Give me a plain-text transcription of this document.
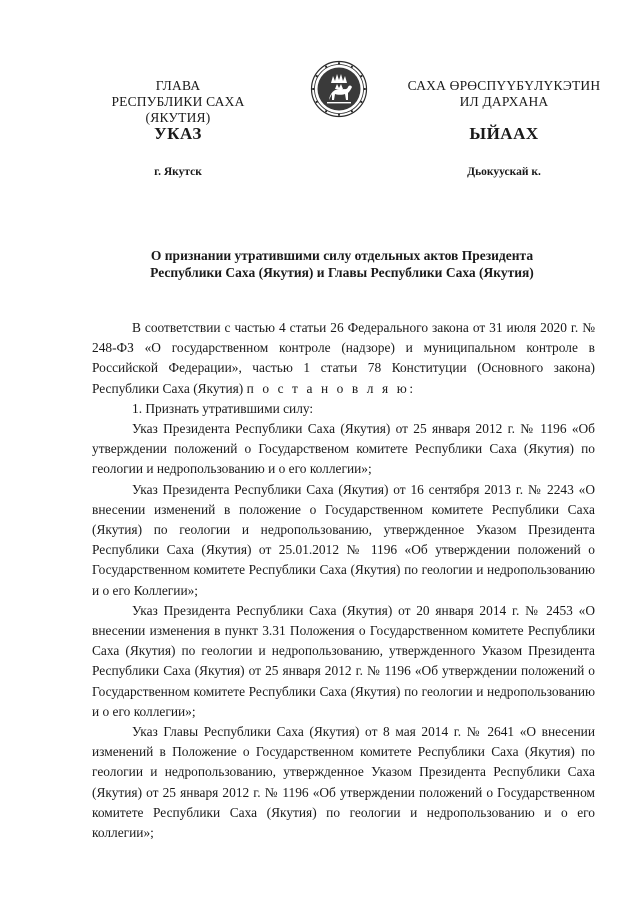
ГЛАВА
РЕСПУБЛИКИ САХА (ЯКУТИЯ)
САХА ӨРӨСПҮҮБҮЛҮКЭТИН
ИЛ ДАРХАНА
УКАЗ	ЫЙААХ
г. Якутск	Дьокуускай к.
О признании утратившими силу отдельных актов Президента
Республики Саха (Якутия) и Главы Республики Саха (Якутия)

В соответствии с частью 4 статьи 26 Федерального закона от 31 июля 2020 г. № 248-ФЗ «О государственном контроле (надзоре) и муниципальном контроле в Российской Федерации», частью 1 статьи 78 Конституции (Основного закона) Республики Саха (Якутия) п о с т а н о в л я ю:

1. Признать утратившими силу:

Указ Президента Республики Саха (Якутия) от 25 января 2012 г. № 1196 «Об утверждении положений о Государственом комитете Республики Саха (Якутия) по геологии и недропользованию и о его коллегии»;

Указ Президента Республики Саха (Якутия) от 16 сентября 2013 г. № 2243 «О внесении изменений в положение о Государственном комитете Республики Саха (Якутия) по геологии и недропользованию, утвержденное Указом Президента Республики Саха (Якутия) от 25.01.2012 № 1196 «Об утверждении положений о Государственном комитете Республики Саха (Якутия) по геологии и недропользованию и о его Коллегии»;

Указ Президента Республики Саха (Якутия) от 20 января 2014 г. № 2453 «О внесении изменения в пункт 3.31 Положения о Государственном комитете Республики Саха (Якутия) по геологии и недропользованию, утвержденного Указом Президента Республики Саха (Якутия) от 25 января 2012 г. № 1196 «Об утверждении положений о Государственном комитете Республики Саха (Якутия) по геологии и недропользованию и о его коллегии»;

Указ Главы Республики Саха (Якутия) от 8 мая 2014 г. № 2641 «О внесении изменений в Положение о Государственном комитете Республики Саха (Якутия) по геологии и недропользованию, утвержденное Указом Президента Республики Саха (Якутия) от 25 января 2012 г. № 1196 «Об утверждении положений о Государственном комитете Республики Саха (Якутия) по геологии и недропользованию и о его коллегии»;
